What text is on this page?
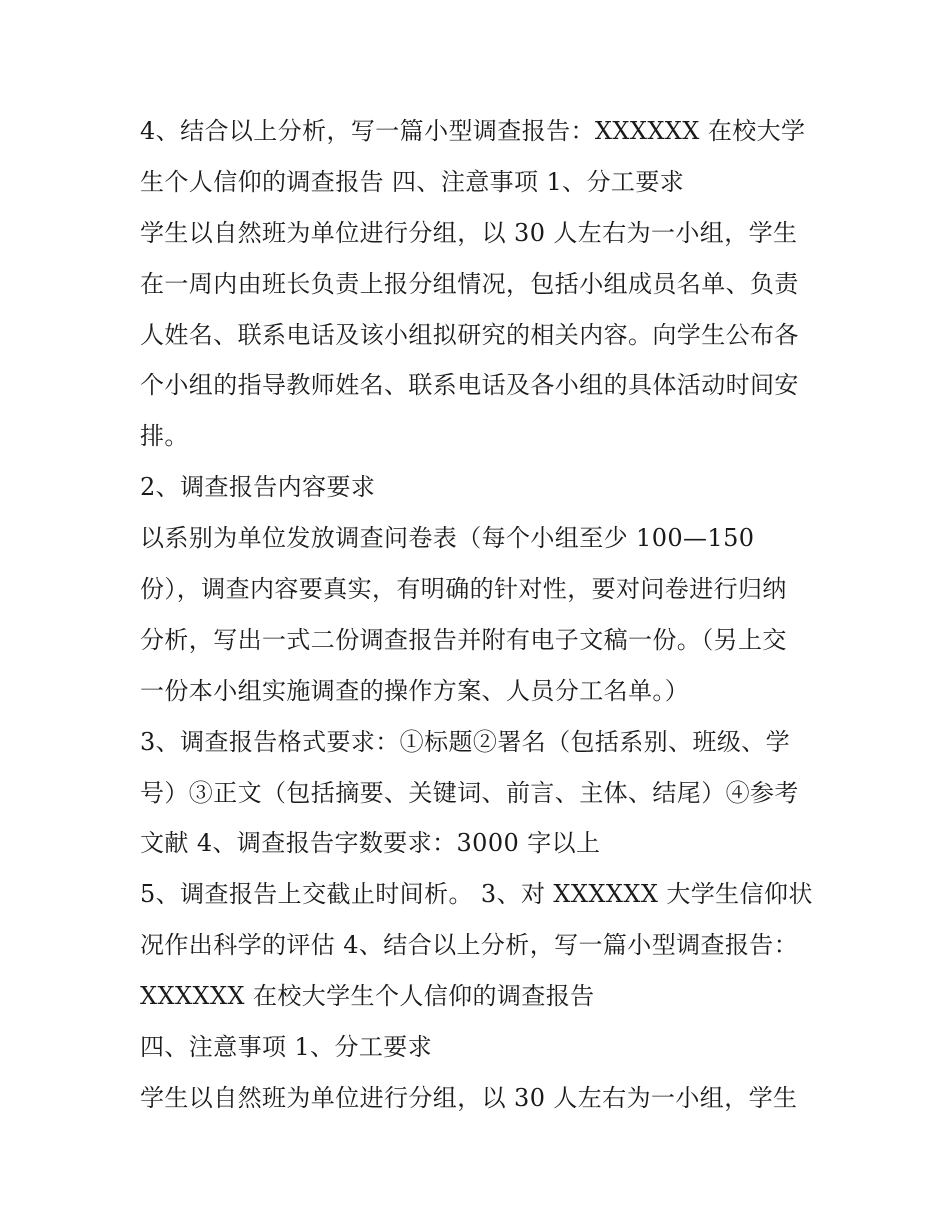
4、结合以上分析，写一篇小型调查报告：XXXXXX 在校大学
生个人信仰的调查报告 四、注意事项 1、分工要求
学生以自然班为单位进行分组，以 30 人左右为一小组，学生
在一周内由班长负责上报分组情况，包括小组成员名单、负责
人姓名、联系电话及该小组拟研究的相关内容。向学生公布各
个小组的指导教师姓名、联系电话及各小组的具体活动时间安
排。
2、调查报告内容要求
以系别为单位发放调查问卷表（每个小组至少 100—150
份），调查内容要真实，有明确的针对性，要对问卷进行归纳
分析，写出一式二份调查报告并附有电子文稿一份。（另上交
一份本小组实施调查的操作方案、人员分工名单。）
3、调查报告格式要求：①标题②署名（包括系别、班级、学
号）③正文（包括摘要、关键词、前言、主体、结尾）④参考
文献 4、调查报告字数要求：3000 字以上
5、调查报告上交截止时间析。 3、对 XXXXXX 大学生信仰状
况作出科学的评估 4、结合以上分析，写一篇小型调查报告：
XXXXXX 在校大学生个人信仰的调查报告
四、注意事项 1、分工要求
学生以自然班为单位进行分组，以 30 人左右为一小组，学生
